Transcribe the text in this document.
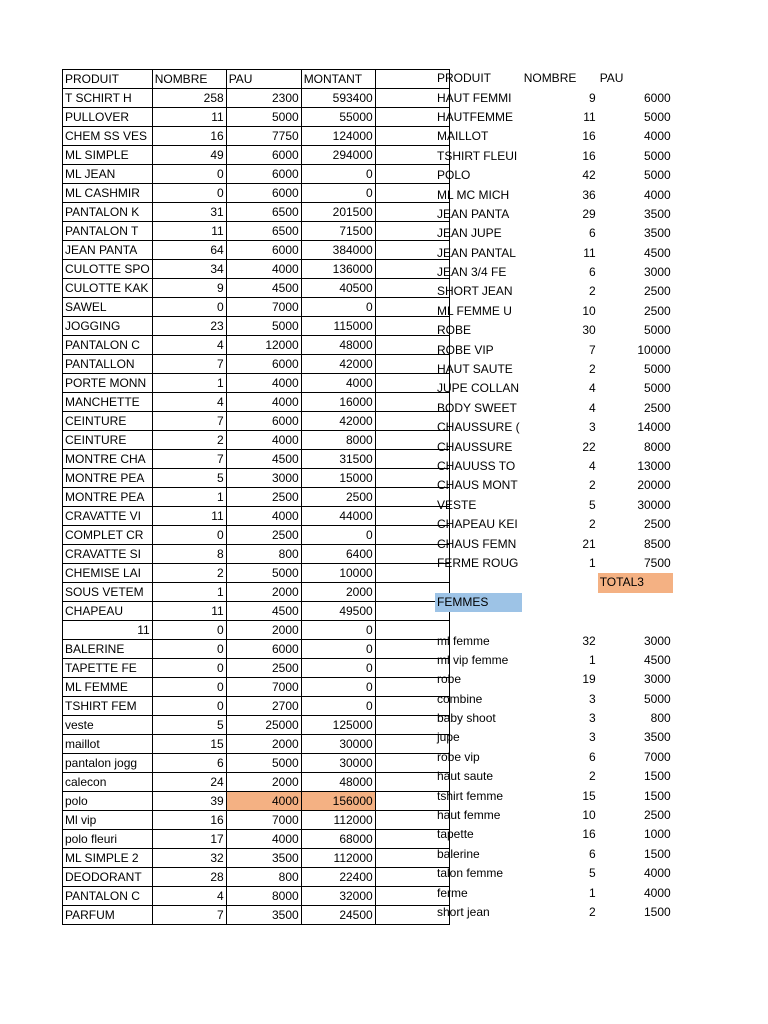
PRODUIT	NOMBRE	PAU	MONTANT	
T SCHIRT H	258	2300	593400	
PULLOVER	11	5000	55000	
CHEM SS VES	16	7750	124000	
ML SIMPLE	49	6000	294000	
ML JEAN	0	6000	0	
ML CASHMIR	0	6000	0	
PANTALON K	31	6500	201500	
PANTALON T	11	6500	71500	
JEAN PANTA	64	6000	384000	
CULOTTE SPO	34	4000	136000	
CULOTTE KAK	9	4500	40500	
SAWEL	0	7000	0	
JOGGING	23	5000	115000	
PANTALON C	4	12000	48000	
PANTALLON	7	6000	42000	
PORTE MONN	1	4000	4000	
MANCHETTE	4	4000	16000	
CEINTURE	7	6000	42000	
CEINTURE	2	4000	8000	
MONTRE CHA	7	4500	31500	
MONTRE PEA	5	3000	15000	
MONTRE PEA	1	2500	2500	
CRAVATTE VI	11	4000	44000	
COMPLET CR	0	2500	0	
CRAVATTE SI	8	800	6400	
CHEMISE LAI	2	5000	10000	
SOUS VETEM	1	2000	2000	
CHAPEAU	11	4500	49500	
11	0	2000	0	
BALERINE	0	6000	0	
TAPETTE FE	0	2500	0	
ML FEMME	0	7000	0	
TSHIRT FEM	0	2700	0	
veste	5	25000	125000	
maillot	15	2000	30000	
pantalon jogg	6	5000	30000	
calecon	24	2000	48000	
polo	39	4000	156000	
Ml vip	16	7000	112000	
polo fleuri	17	4000	68000	
ML SIMPLE 2	32	3500	112000	
DEODORANT	28	800	22400	
PANTALON C	4	8000	32000	
PARFUM	7	3500	24500	
PRODUIT	NOMBRE	PAU
HAUT FEMMI	9	6000
HAUTFEMME	11	5000
MAILLOT	16	4000
TSHIRT FLEUI	16	5000
POLO	42	5000
ML MC MICH	36	4000
JEAN PANTA	29	3500
JEAN JUPE	6	3500
JEAN PANTAL	11	4500
JEAN 3/4 FE	6	3000
SHORT JEAN	2	2500
ML FEMME U	10	2500
ROBE	30	5000
ROBE VIP	7	10000
HAUT SAUTE	2	5000
JUPE COLLAN	4	5000
BODY SWEET	4	2500
CHAUSSURE (	3	14000
CHAUSSURE	22	8000
CHAUUSS TO	4	13000
CHAUS MONT	2	20000
VESTE	5	30000
CHAPEAU KEI	2	2500
CHAUS FEMN	21	8500
FERME ROUG	1	7500
		TOTAL3
FEMMES		

ml femme	32	3000
ml vip femme	1	4500
robe	19	3000
combine	3	5000
baby shoot	3	800
jupe	3	3500
robe vip	6	7000
haut saute	2	1500
tshirt femme	15	1500
haut femme	10	2500
tapette	16	1000
balerine	6	1500
talon femme	5	4000
ferme	1	4000
short jean	2	1500
